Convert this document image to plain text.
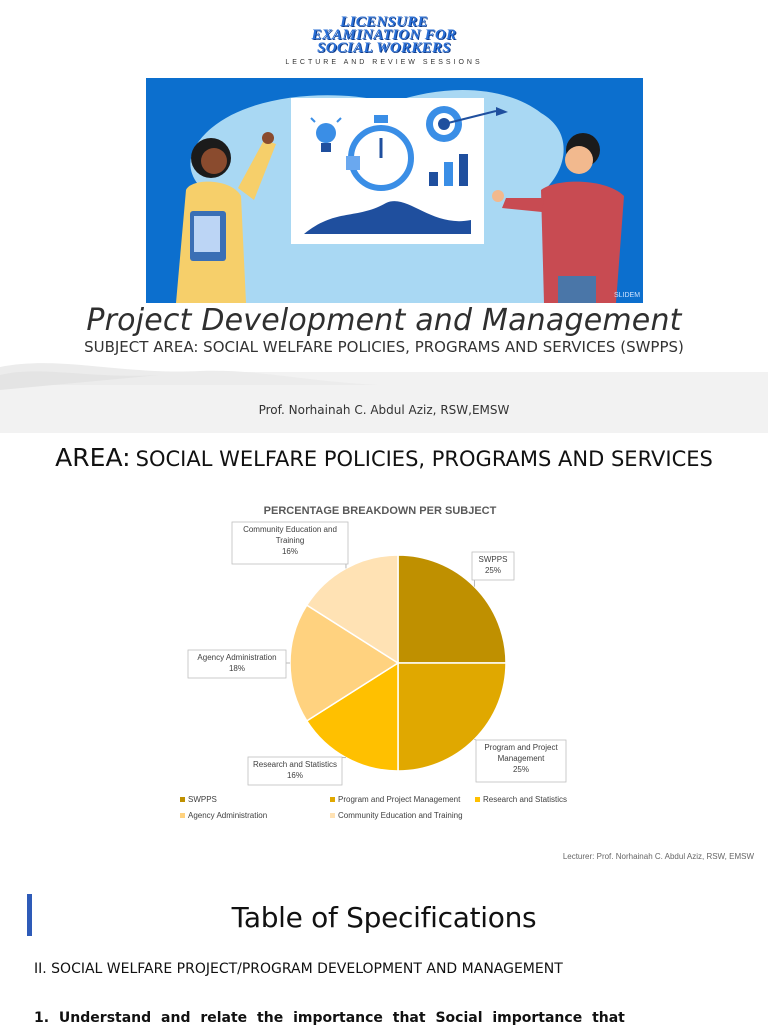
LICENSURE
EXAMINATION FOR
SOCIAL WORKERS
LECTURE AND REVIEW SESSIONS
SLIDEM
Project Development and Management
SUBJECT AREA: SOCIAL WELFARE POLICIES, PROGRAMS AND SERVICES (SWPPS)
Prof. Norhainah C. Abdul Aziz, RSW,EMSW
AREA: SOCIAL WELFARE POLICIES, PROGRAMS AND SERVICES
PERCENTAGE BREAKDOWN PER SUBJECT
SWPPS
25%
Program and Project
Management
25%
Research and Statistics
16%
Agency Administration
18%
Community Education and
Training
16%
SWPPS	Program and Project Management	Research and Statistics
Agency Administration	Community Education and Training
Lecturer: Prof. Norhainah C. Abdul Aziz, RSW, EMSW
Table of Specifications
II. SOCIAL WELFARE PROJECT/PROGRAM DEVELOPMENT AND MANAGEMENT
1. Understand and relate the importance that Social importance that
